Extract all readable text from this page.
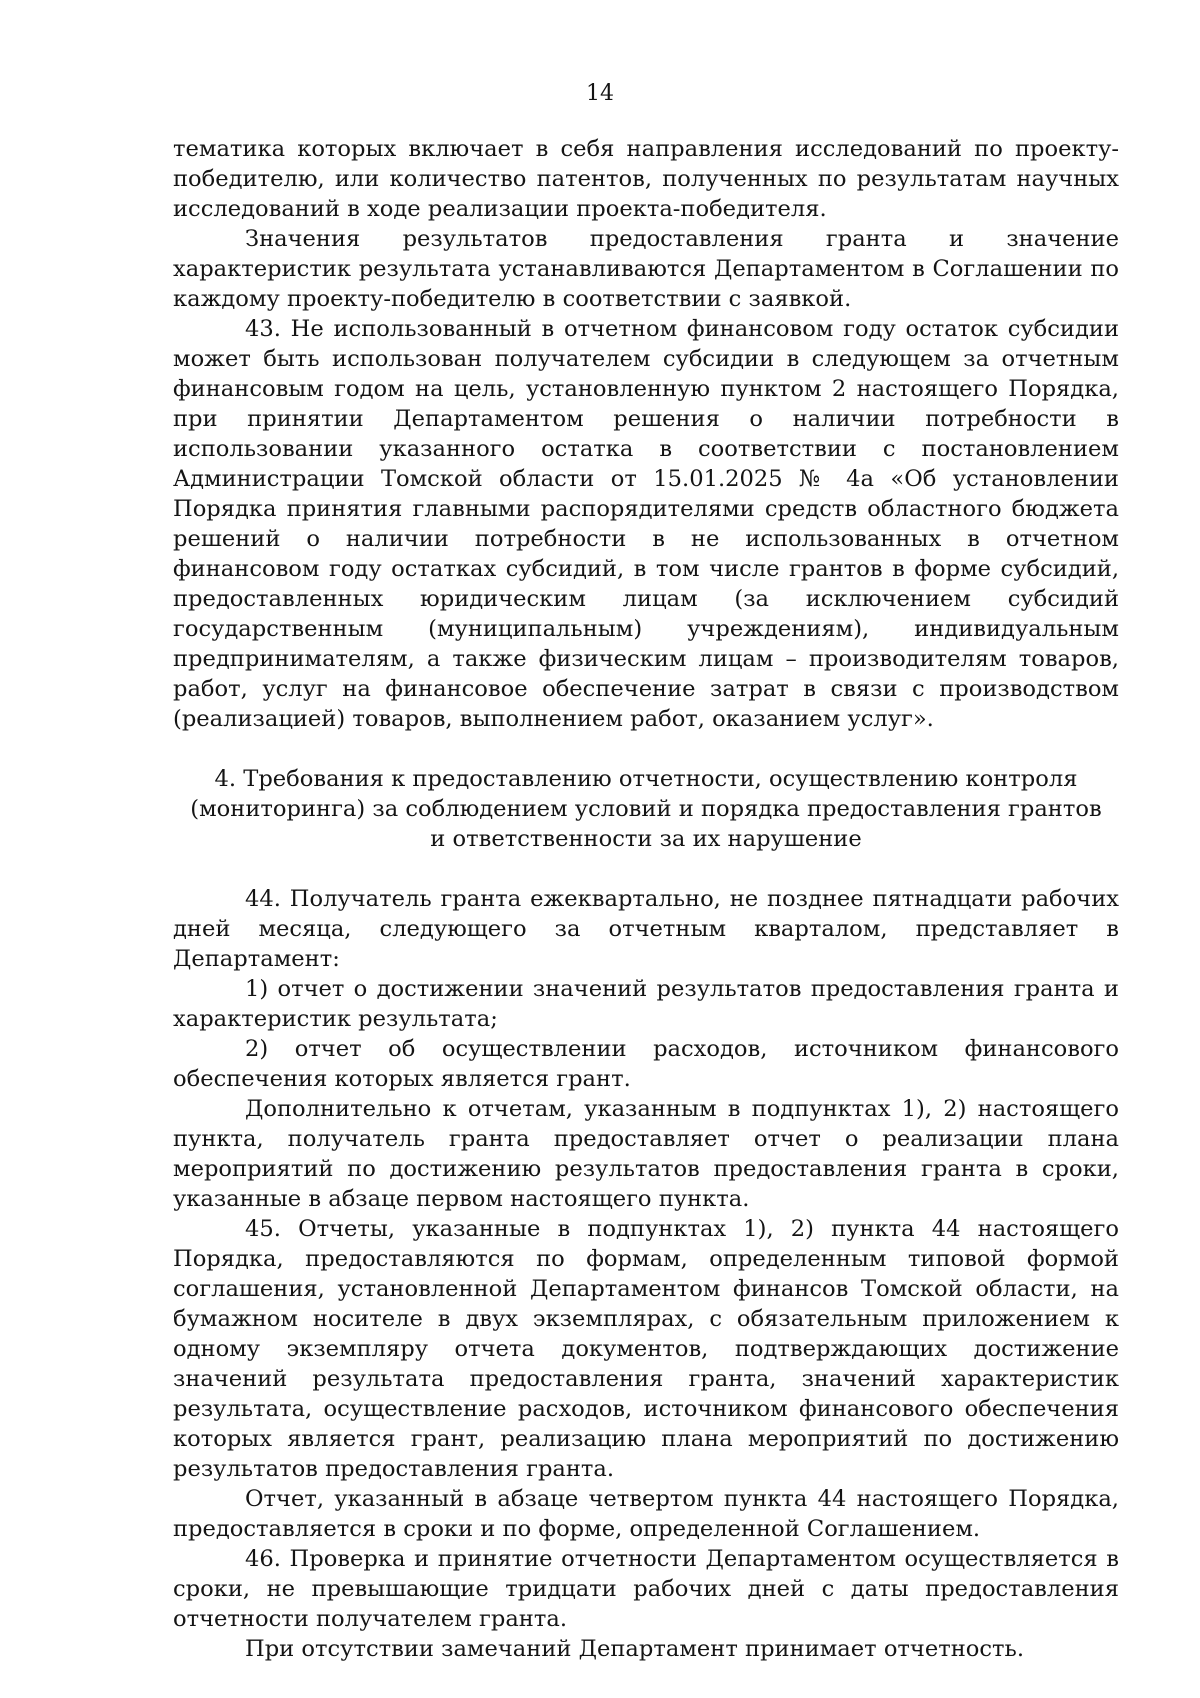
14

тематика которых включает в себя направления исследований по проекту-победителю, или количество патентов, полученных по результатам научных исследований в ходе реализации проекта-победителя.

Значения результатов предоставления гранта и значение характеристик результата устанавливаются Департаментом в Соглашении по каждому проекту-победителю в соответствии с заявкой.

43. Не использованный в отчетном финансовом году остаток субсидии может быть использован получателем субсидии в следующем за отчетным финансовым годом на цель, установленную пунктом 2 настоящего Порядка, при принятии Департаментом решения о наличии потребности в использовании указанного остатка в соответствии с постановлением Администрации Томской области от 15.01.2025 № 4а «Об установлении Порядка принятия главными распорядителями средств областного бюджета решений о наличии потребности в не использованных в отчетном финансовом году остатках субсидий, в том числе грантов в форме субсидий, предоставленных юридическим лицам (за исключением субсидий государственным (муниципальным) учреждениям), индивидуальным предпринимателям, а также физическим лицам – производителям товаров, работ, услуг на финансовое обеспечение затрат в связи с производством (реализацией) товаров, выполнением работ, оказанием услуг».

4. Требования к предоставлению отчетности, осуществлению контроля
(мониторинга) за соблюдением условий и порядка предоставления грантов
и ответственности за их нарушение

44. Получатель гранта ежеквартально, не позднее пятнадцати рабочих дней месяца, следующего за отчетным кварталом, представляет в Департамент:

1) отчет о достижении значений результатов предоставления гранта и характеристик результата;

2) отчет об осуществлении расходов, источником финансового обеспечения которых является грант.

Дополнительно к отчетам, указанным в подпунктах 1), 2) настоящего пункта, получатель гранта предоставляет отчет о реализации плана мероприятий по достижению результатов предоставления гранта в сроки, указанные в абзаце первом настоящего пункта.

45. Отчеты, указанные в подпунктах 1), 2) пункта 44 настоящего Порядка, предоставляются по формам, определенным типовой формой соглашения, установленной Департаментом финансов Томской области, на бумажном носителе в двух экземплярах, с обязательным приложением к одному экземпляру отчета документов, подтверждающих достижение значений результата предоставления гранта, значений характеристик результата, осуществление расходов, источником финансового обеспечения которых является грант, реализацию плана мероприятий по достижению результатов предоставления гранта.

Отчет, указанный в абзаце четвертом пункта 44 настоящего Порядка, предоставляется в сроки и по форме, определенной Соглашением.

46. Проверка и принятие отчетности Департаментом осуществляется в сроки, не превышающие тридцати рабочих дней с даты предоставления отчетности получателем гранта.

При отсутствии замечаний Департамент принимает отчетность.
